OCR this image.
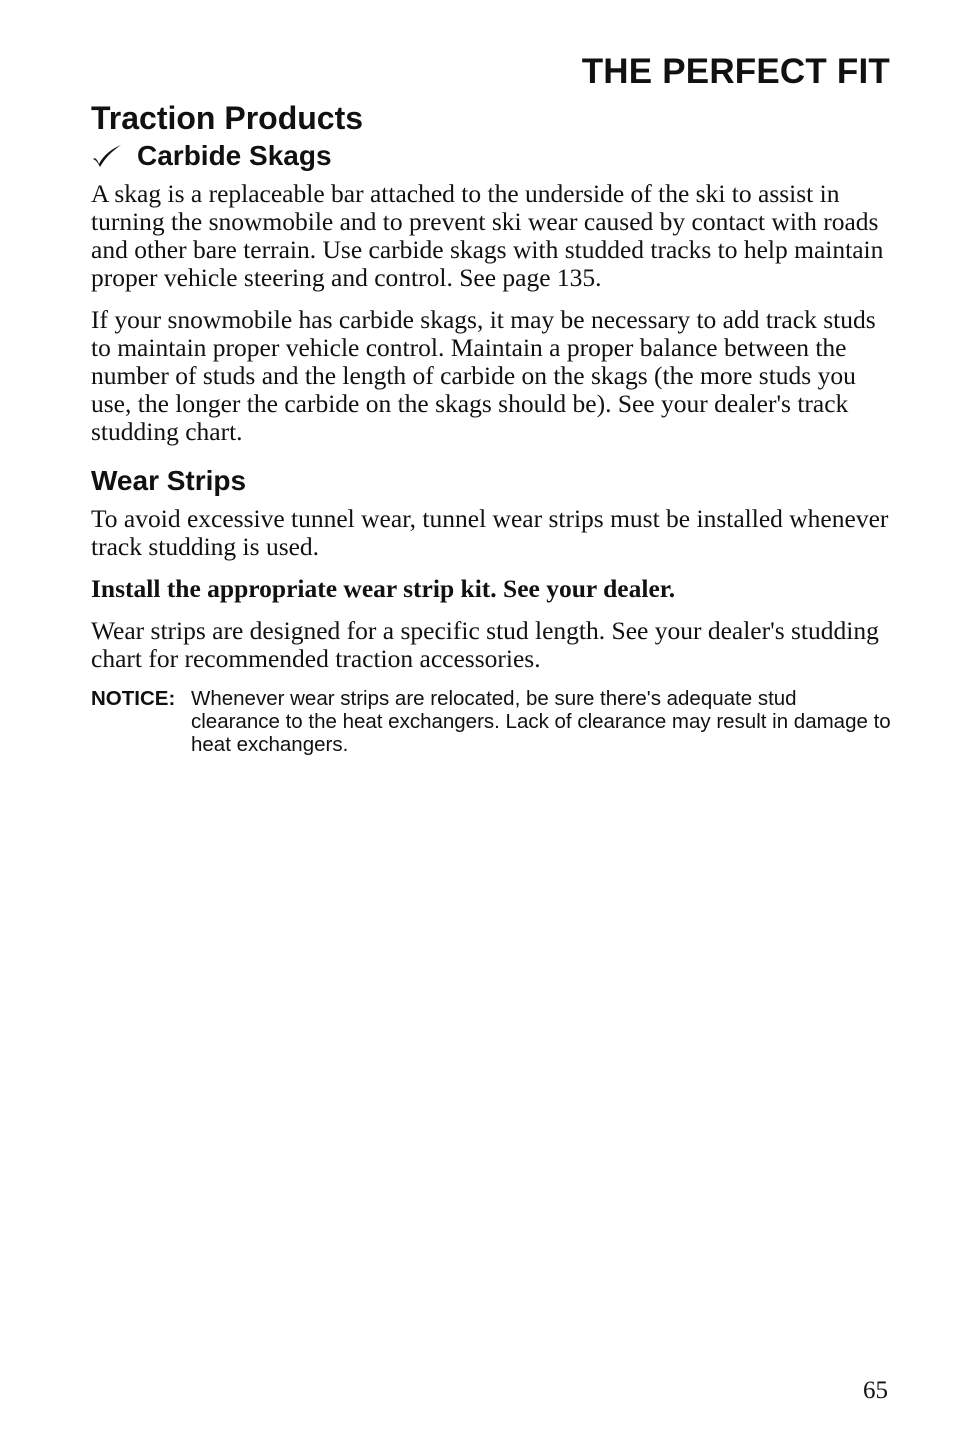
THE PERFECT FIT
Traction Products
Carbide Skags

A skag is a replaceable bar attached to the underside of the ski to assist in turning the snowmobile and to prevent ski wear caused by contact with roads and other bare terrain. Use carbide skags with studded tracks to help maintain proper vehicle steering and control. See page 135.

If your snowmobile has carbide skags, it may be necessary to add track studs to maintain proper vehicle control. Maintain a proper balance between the number of studs and the length of carbide on the skags (the more studs you use, the longer the carbide on the skags should be). See your dealer's track studding chart.

Wear Strips

To avoid excessive tunnel wear, tunnel wear strips must be installed whenever track studding is used.

Install the appropriate wear strip kit. See your dealer.

Wear strips are designed for a specific stud length. See your dealer's studding chart for recommended traction accessories.

NOTICE: Whenever wear strips are relocated, be sure there's adequate stud clearance to the heat exchangers. Lack of clearance may result in damage to heat exchangers.
65
